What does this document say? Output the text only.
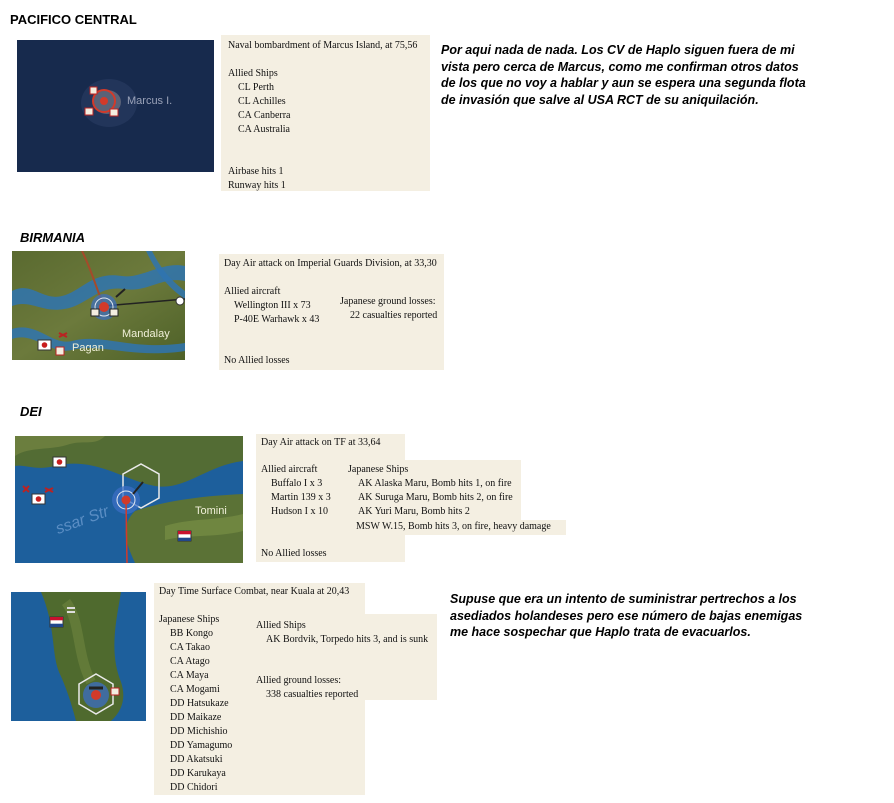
PACIFICO CENTRAL
Marcus I.
Naval bombardment of Marcus Island, at 75,56
Allied Ships
CL Perth
CL Achilles
CA Canberra
CA Australia
Airbase hits 1
Runway hits 1
Por aqui nada de nada. Los CV de Haplo siguen fuera de mi vista pero cerca de Marcus, como me confirman otros datos de los que no voy a hablar y aun se espera una segunda flota de invasión que salve al USA RCT de su aniquilación.
BIRMANIA
Mandalay
Pagan
Day Air attack on Imperial Guards Division, at 33,30
Allied aircraft
Wellington III x 73
P-40E Warhawk x 43
Japanese ground losses:
22 casualties reported
No Allied losses
DEI
Tomini
ssar Str
Day Air attack on TF at 33,64
Allied aircraft
Buffalo I x 3
Martin 139 x 3
Hudson I x 10
No Allied losses
Japanese Ships
AK Alaska Maru, Bomb hits 1, on fire
AK Suruga Maru, Bomb hits 2, on fire
AK Yuri Maru, Bomb hits 2
MSW W.15, Bomb hits 3, on fire, heavy damage
Day Time Surface Combat, near Kuala at 20,43
Japanese Ships
BB Kongo
CA Takao
CA Atago
CA Maya
CA Mogami
DD Hatsukaze
DD Maikaze
DD Michishio
DD Yamagumo
DD Akatsuki
DD Karukaya
DD Chidori
Allied Ships
AK Bordvik, Torpedo hits 3, and is sunk
Allied ground losses:
338 casualties reported
Supuse que era un intento de suministrar pertrechos a los asediados holandeses pero ese número de bajas enemigas me hace sospechar que Haplo trata de evacuarlos.
